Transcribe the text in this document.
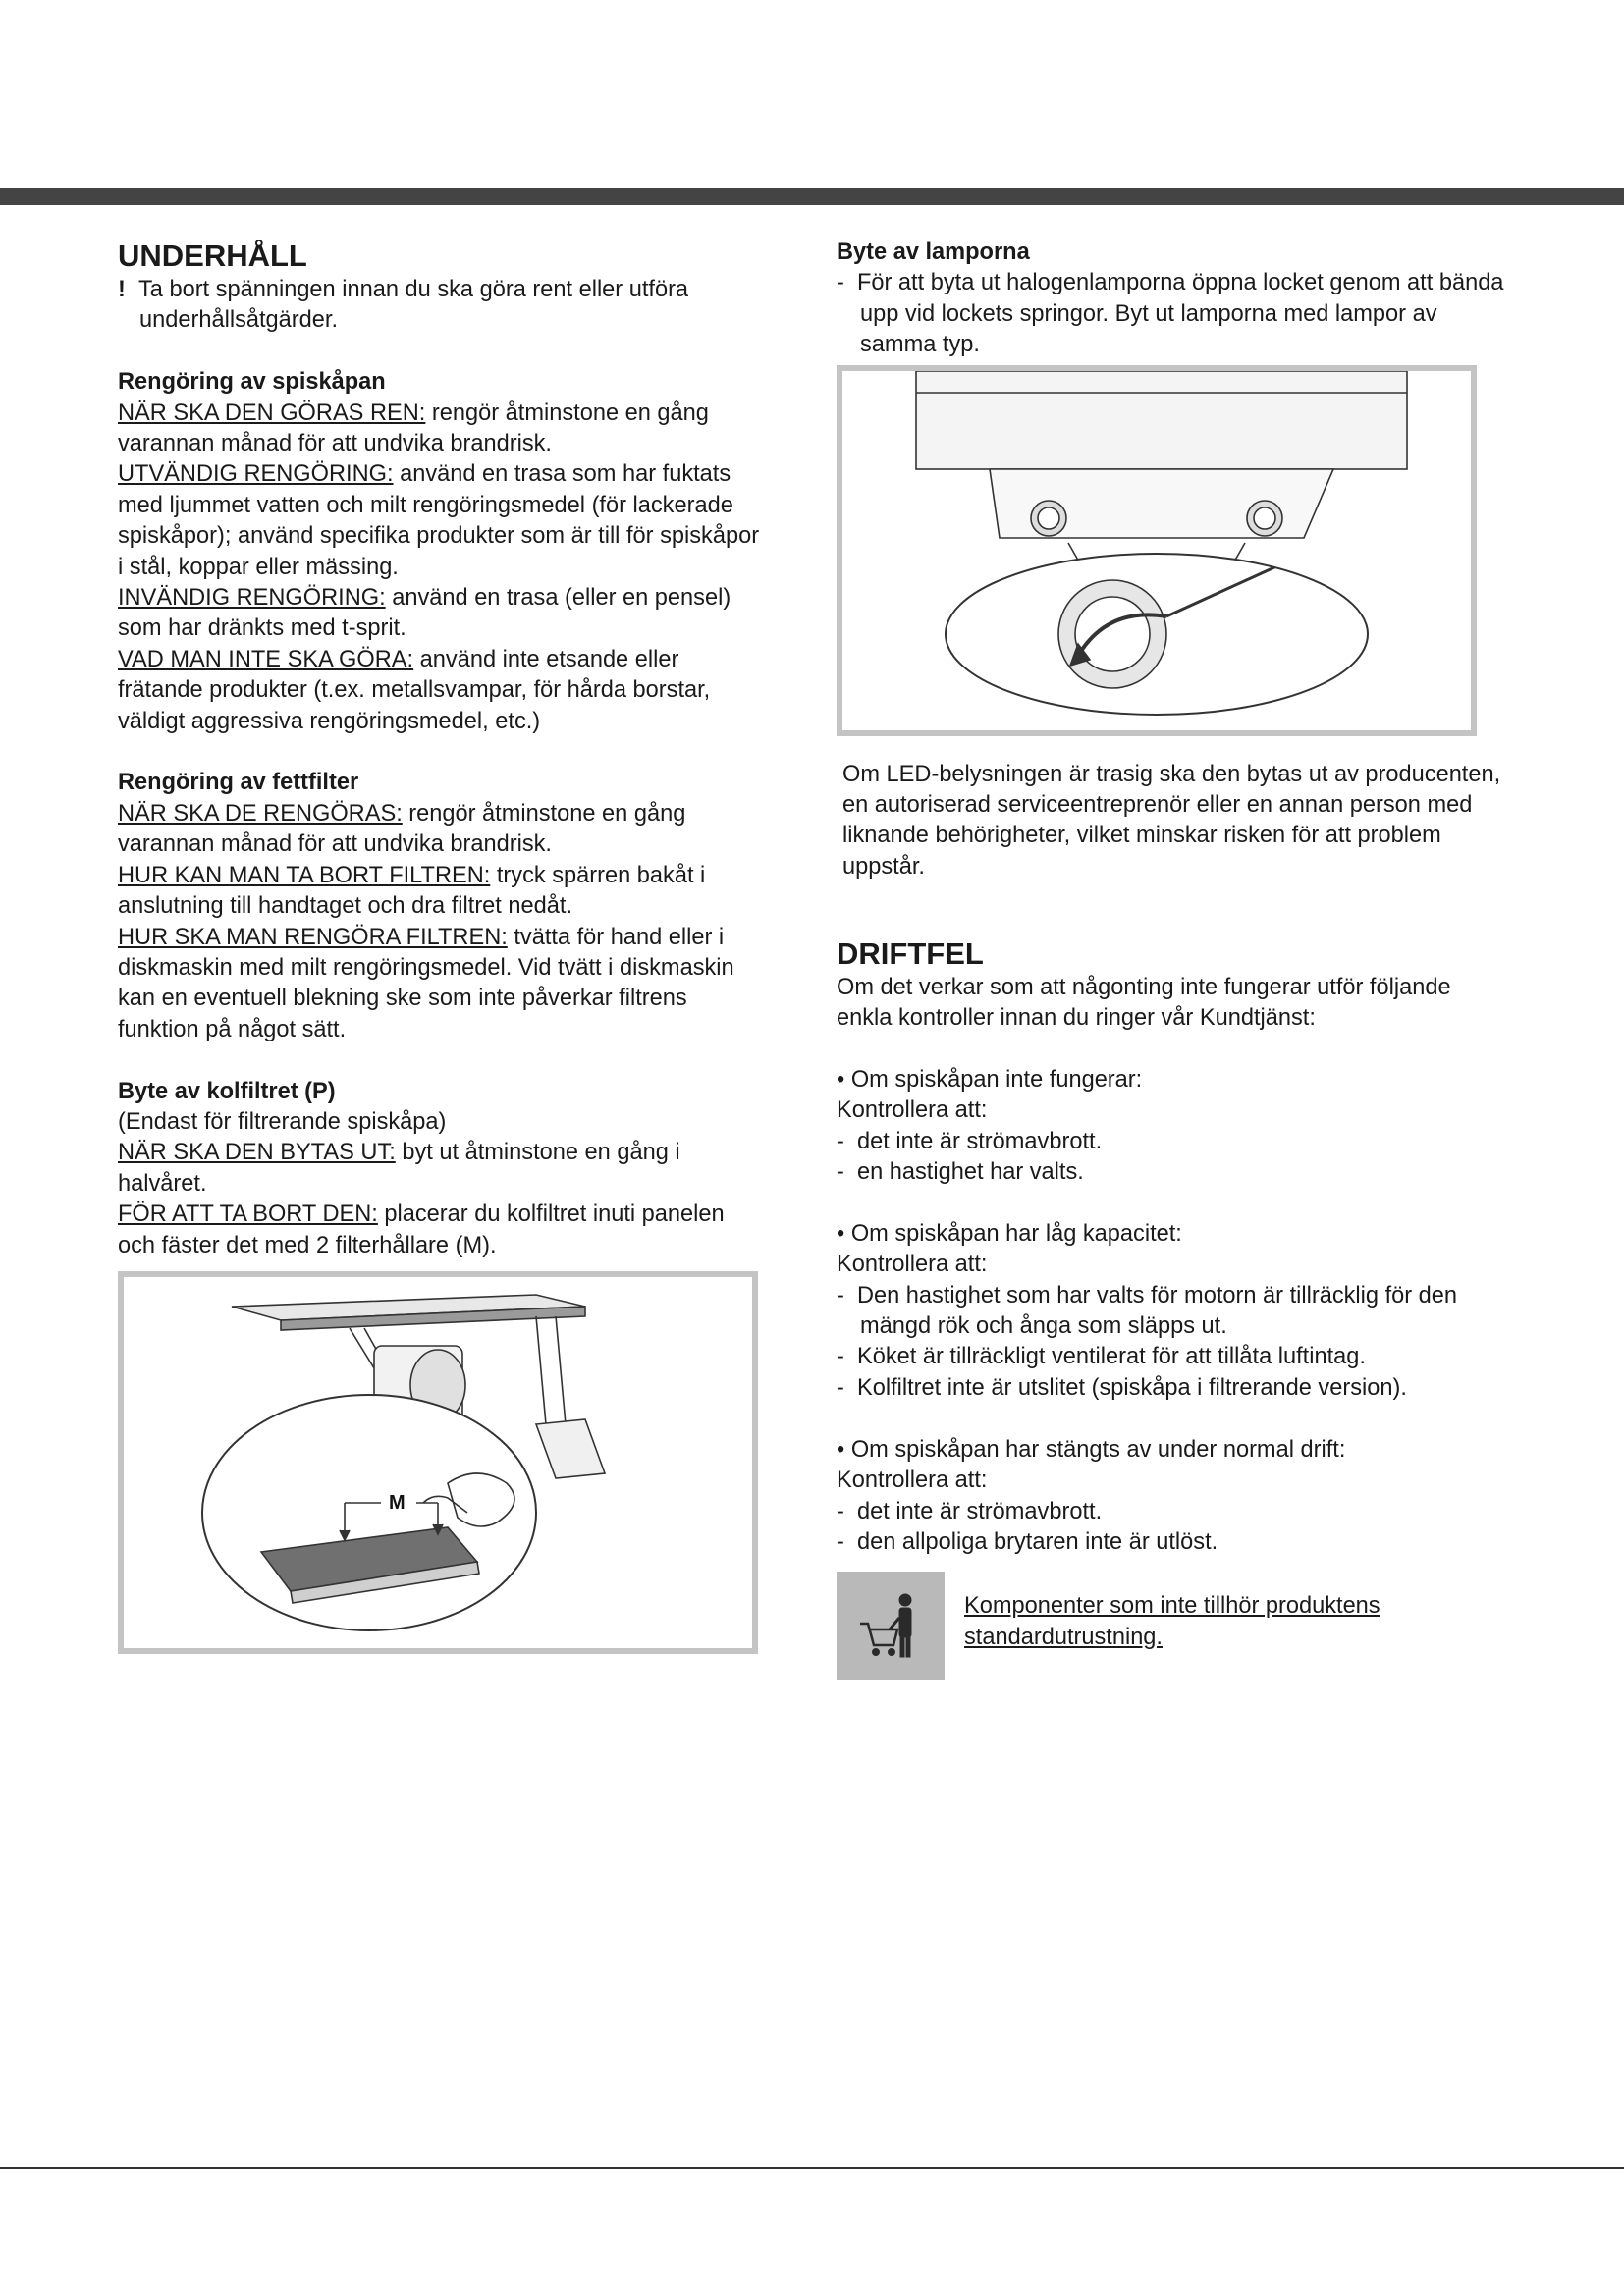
UNDERHÅLL

! Ta bort spänningen innan du ska göra rent eller utföra underhållsåtgärder.

Rengöring av spiskåpan

NÄR SKA DEN GÖRAS REN: rengör åtminstone en gång varannan månad för att undvika brandrisk.

UTVÄNDIG RENGÖRING: använd en trasa som har fuktats med ljummet vatten och milt rengöringsmedel (för lackerade spiskåpor); använd specifika produkter som är till för spiskåpor i stål, koppar eller mässing.

INVÄNDIG RENGÖRING: använd en trasa (eller en pensel) som har dränkts med t-sprit.

VAD MAN INTE SKA GÖRA: använd inte etsande eller frätande produkter (t.ex. metallsvampar, för hårda borstar, väldigt aggressiva rengöringsmedel, etc.)

Rengöring av fettfilter

NÄR SKA DE RENGÖRAS: rengör åtminstone en gång varannan månad för att undvika brandrisk.

HUR KAN MAN TA BORT FILTREN: tryck spärren bakåt i anslutning till handtaget och dra filtret nedåt.

HUR SKA MAN RENGÖRA FILTREN: tvätta för hand eller i diskmaskin med milt rengöringsmedel. Vid tvätt i diskmaskin kan en eventuell blekning ske som inte påverkar filtrens funktion på något sätt.

Byte av kolfiltret (P)

(Endast för filtrerande spiskåpa)

NÄR SKA DEN BYTAS UT: byt ut åtminstone en gång i halvåret.

FÖR ATT TA BORT DEN: placerar du kolfiltret inuti panelen och fäster det med 2 filterhållare (M).

M
Byte av lamporna

- För att byta ut halogenlamporna öppna locket genom att bända upp vid lockets springor. Byt ut lamporna med lampor av samma typ.

Om LED-belysningen är trasig ska den bytas ut av producenten, en autoriserad serviceentreprenör eller en annan person med liknande behörigheter, vilket minskar risken för att problem uppstår.

DRIFTFEL

Om det verkar som att någonting inte fungerar utför följande enkla kontroller innan du ringer vår Kundtjänst:

• Om spiskåpan inte fungerar:

Kontrollera att:

-  det inte är strömavbrott.

-  en hastighet har valts.

• Om spiskåpan har låg kapacitet:

Kontrollera att:

-  Den hastighet som har valts för motorn är tillräcklig för den mängd rök och ånga som släpps ut.

-  Köket är tillräckligt ventilerat för att tillåta luftintag.

-  Kolfiltret inte är utslitet (spiskåpa i filtrerande version).

• Om spiskåpan har stängts av under normal drift:

Kontrollera att:

-  det inte är strömavbrott.

-  den allpoliga brytaren inte är utlöst.

Komponenter som inte tillhör produktens standardutrustning.
